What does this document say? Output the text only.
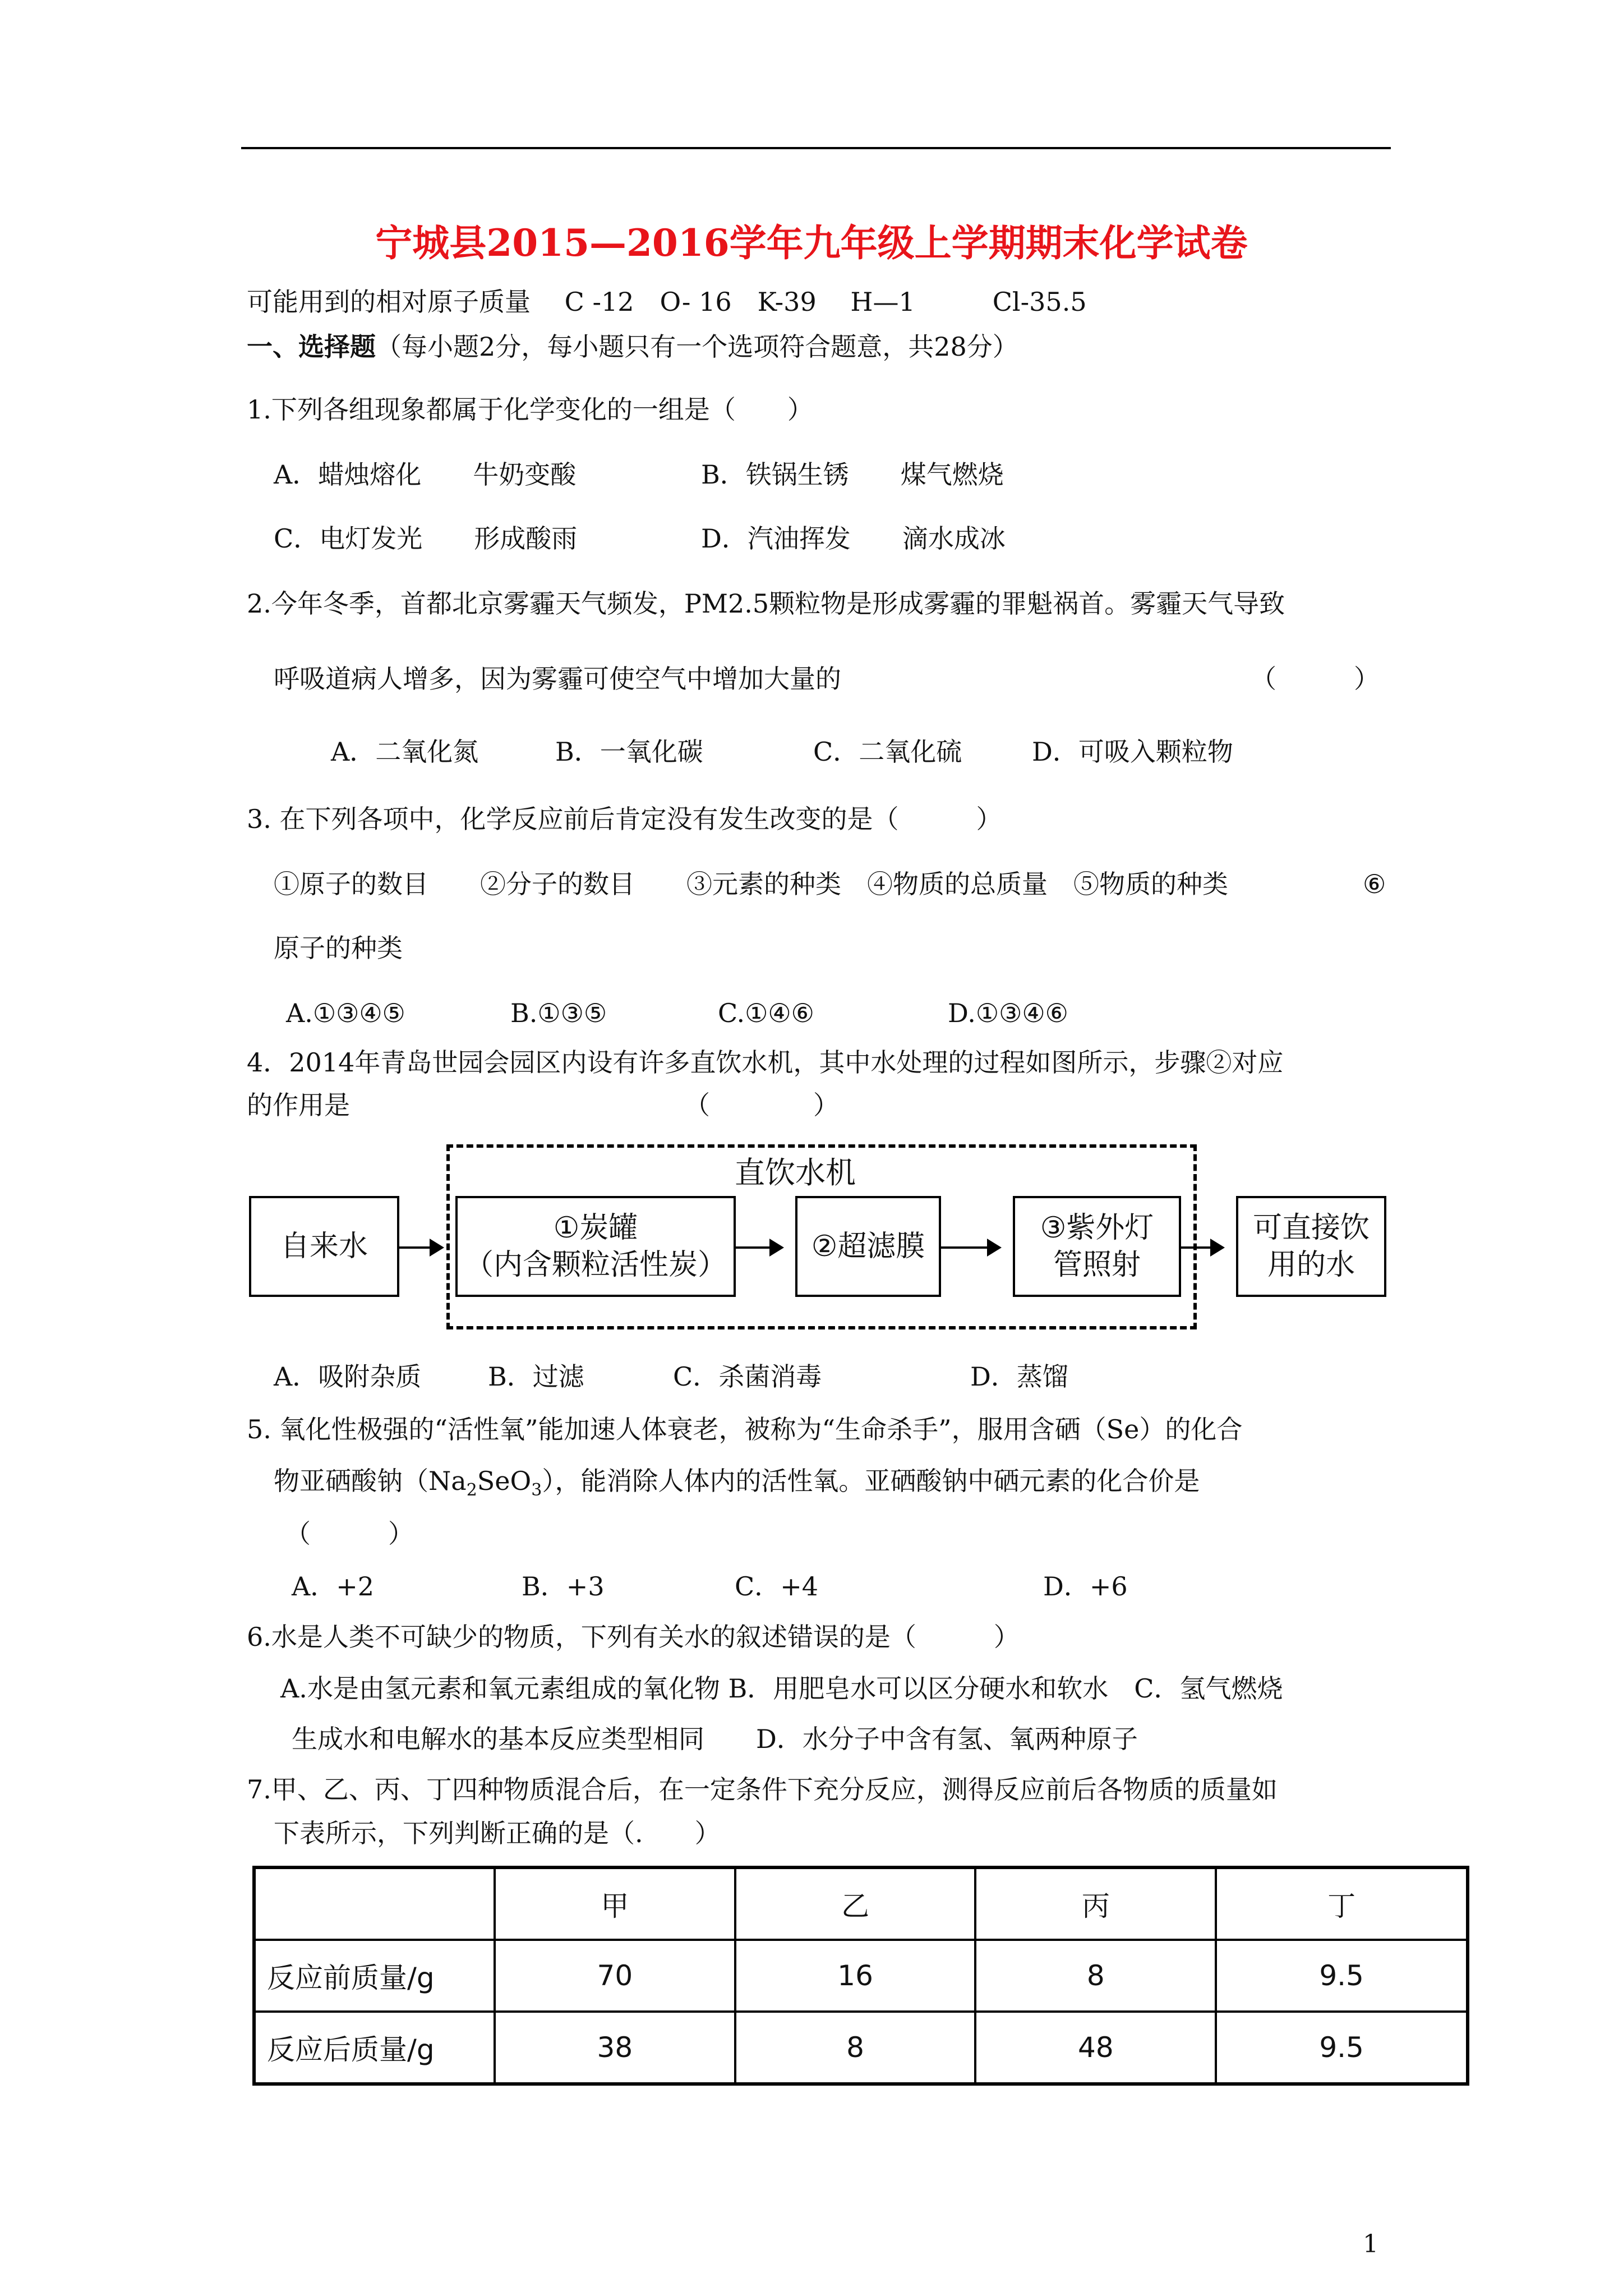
宁城县2015—2016学年九年级上学期期末化学试卷
可能用到的相对原子质量　 C -12　O- 16　K-39　 H—1　　　Cl-35.5
一、选择题（每小题2分，每小题只有一个选项符合题意，共28分）
1.下列各组现象都属于化学变化的一组是（　　）
A．蜡烛熔化　　牛奶变酸	B．铁锅生锈　　煤气燃烧
C．电灯发光　　形成酸雨	D．汽油挥发　　滴水成冰
2.今年冬季，首都北京雾霾天气频发，PM2.5颗粒物是形成雾霾的罪魁祸首。雾霾天气导致
呼吸道病人增多，因为雾霾可使空气中增加大量的	（　　　）
A．二氧化氮	B．一氧化碳	C．二氧化硫	D．可吸入颗粒物
3. 在下列各项中，化学反应前后肯定没有发生改变的是（　　　）
①原子的数目　　②分子的数目　　③元素的种类　④物质的总质量　⑤物质的种类	⑥
原子的种类
A.①③④⑤	B.①③⑤	C.①④⑥	D.①③④⑥
4．2014年青岛世园会园区内设有许多直饮水机，其中水处理的过程如图所示，步骤②对应
的作用是	（　　　　）
直饮水机
自来水
①炭罐
（内含颗粒活性炭）
②超滤膜
③紫外灯
管照射
可直接饮
用的水
A．吸附杂质	B．过滤	C．杀菌消毒	D．蒸馏
5. 氧化性极强的“活性氧”能加速人体衰老，被称为“生命杀手”，服用含硒（Se）的化合
物亚硒酸钠$(Na_2SeO_3)$，能消除人体内的活性氧。亚硒酸钠中硒元素的化合价是
（　　　）
A．+2	B．+3	C．+4	D．+6
6.水是人类不可缺少的物质，下列有关水的叙述错误的是（　　　）
A.水是由氢元素和氧元素组成的氧化物 B．用肥皂水可以区分硬水和软水　C．氢气燃烧
生成水和电解水的基本反应类型相同　　D．水分子中含有氢、氧两种原子
7.甲、乙、丙、丁四种物质混合后，在一定条件下充分反应，测得反应前后各物质的质量如
下表所示，下列判断正确的是（.　　）
	甲	乙	丙	丁
反应前质量/g	70	16	8	9.5
反应后质量/g	38	8	48	9.5
1
